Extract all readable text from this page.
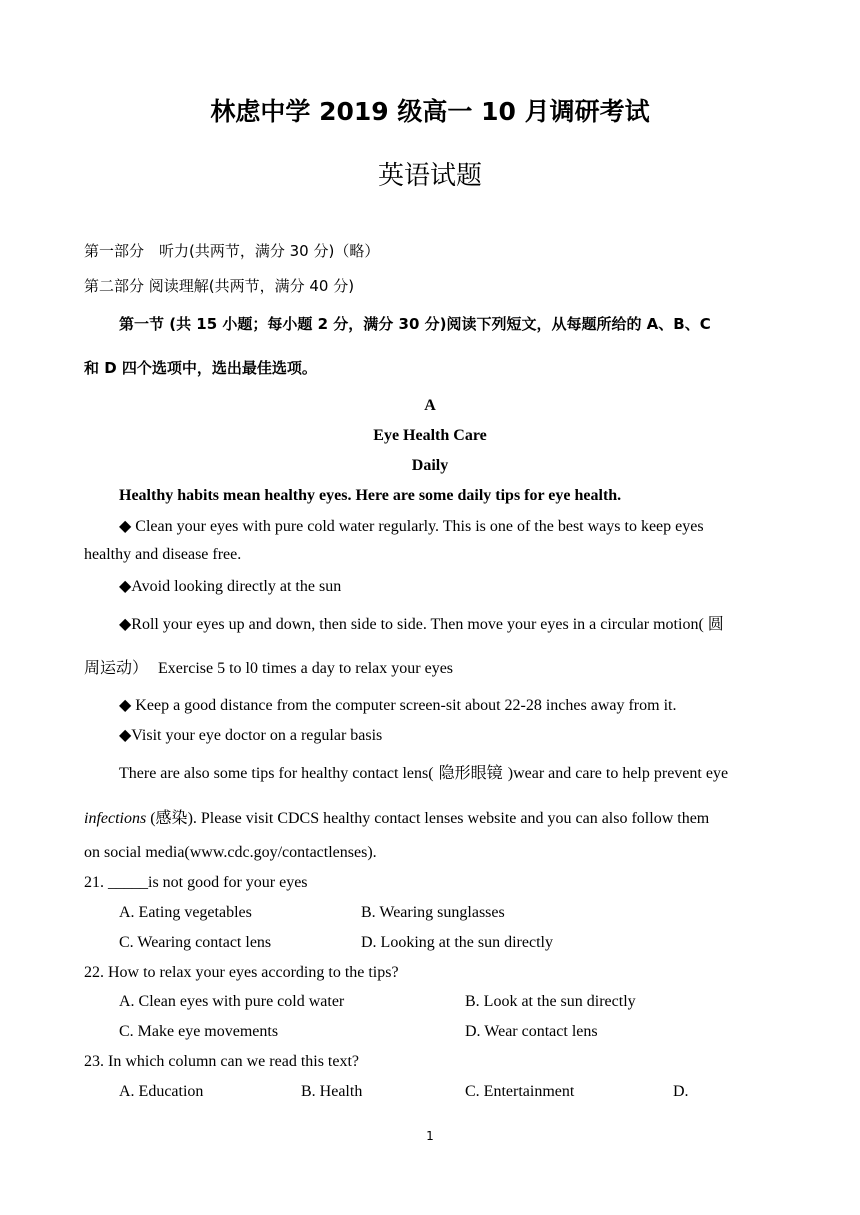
林虑中学 2019 级高一 10 月调研考试
英语试题
第一部分　听力(共两节，满分 30 分)（略）
第二部分 阅读理解(共两节，满分 40 分)
第一节 (共 15 小题；每小题 2 分，满分 30 分)阅读下列短文，从每题所给的 A、B、C
和 D 四个选项中，选出最佳选项。
A
Eye Health Care
Daily
Healthy habits mean healthy eyes. Here are some daily tips for eye health.
◆ Clean your eyes with pure cold water regularly. This is one of the best ways to keep eyes
healthy and disease free.
◆Avoid looking directly at the sun
◆Roll your eyes up and down, then side to side. Then move your eyes in a circular motion( 圆
周运动） Exercise 5 to l0 times a day to relax your eyes
◆ Keep a good distance from the computer screen-sit about 22-28 inches away from it.
◆Visit your eye doctor on a regular basis
There are also some tips for healthy contact lens( 隐形眼镜 )wear and care to help prevent eye
infections (感染). Please visit CDCS healthy contact lenses website and you can also follow them
on social media(www.cdc.goy/contactlenses).
21. _____is not good for your eyes
A. Eating vegetables	B. Wearing sunglasses
C. Wearing contact lens	D. Looking at the sun directly
22. How to relax your eyes according to the tips?
A. Clean eyes with pure cold water	B. Look at the sun directly
C. Make eye movements	D. Wear contact lens
23. In which column can we read this text?
A. Education	B. Health	C. Entertainment	D.
1
